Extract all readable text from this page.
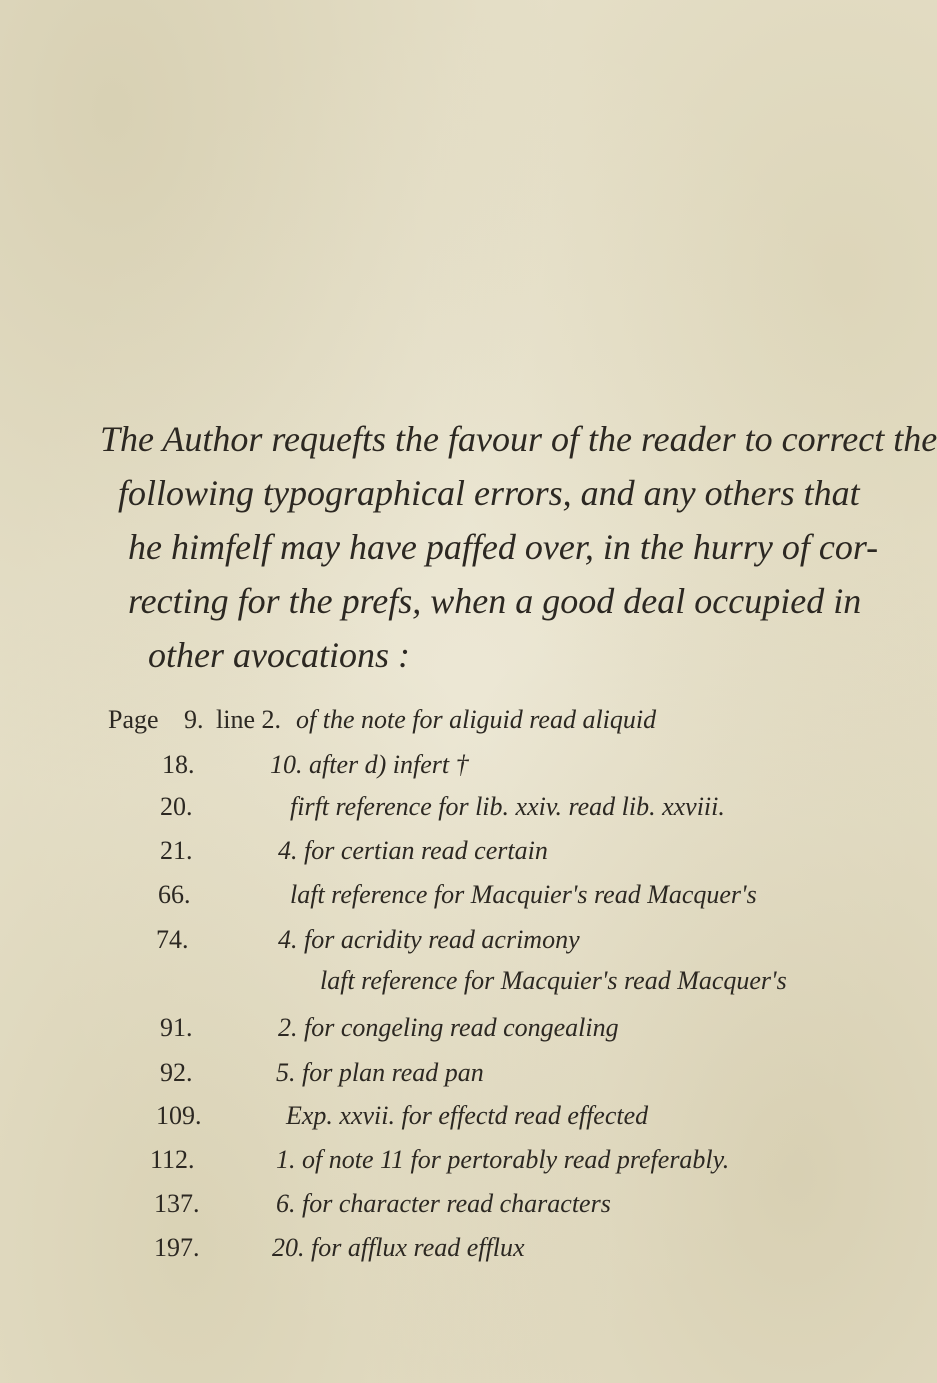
The Author requefts the favour of the reader to correct the
following typographical errors, and any others that
he himfelf may have paffed over, in the hurry of cor-
recting for the prefs, when a good deal occupied in
other avocations :
Page 9. line 2. of the note for aliguid read aliquid
18.	10. after d) infert †
20.	firft reference for lib. xxiv. read lib. xxviii.
21.	4. for certian read certain
66.	laft reference for Macquier's read Macquer's
74.	4. for acridity read acrimony
laft reference for Macquier's read Macquer's
91.	2. for congeling read congealing
92.	5. for plan read pan
109.	Exp. xxvii. for effectd read effected
112.	1. of note 11 for pertorably read preferably.
137.	6. for character read characters
197.	20. for afflux read efflux
